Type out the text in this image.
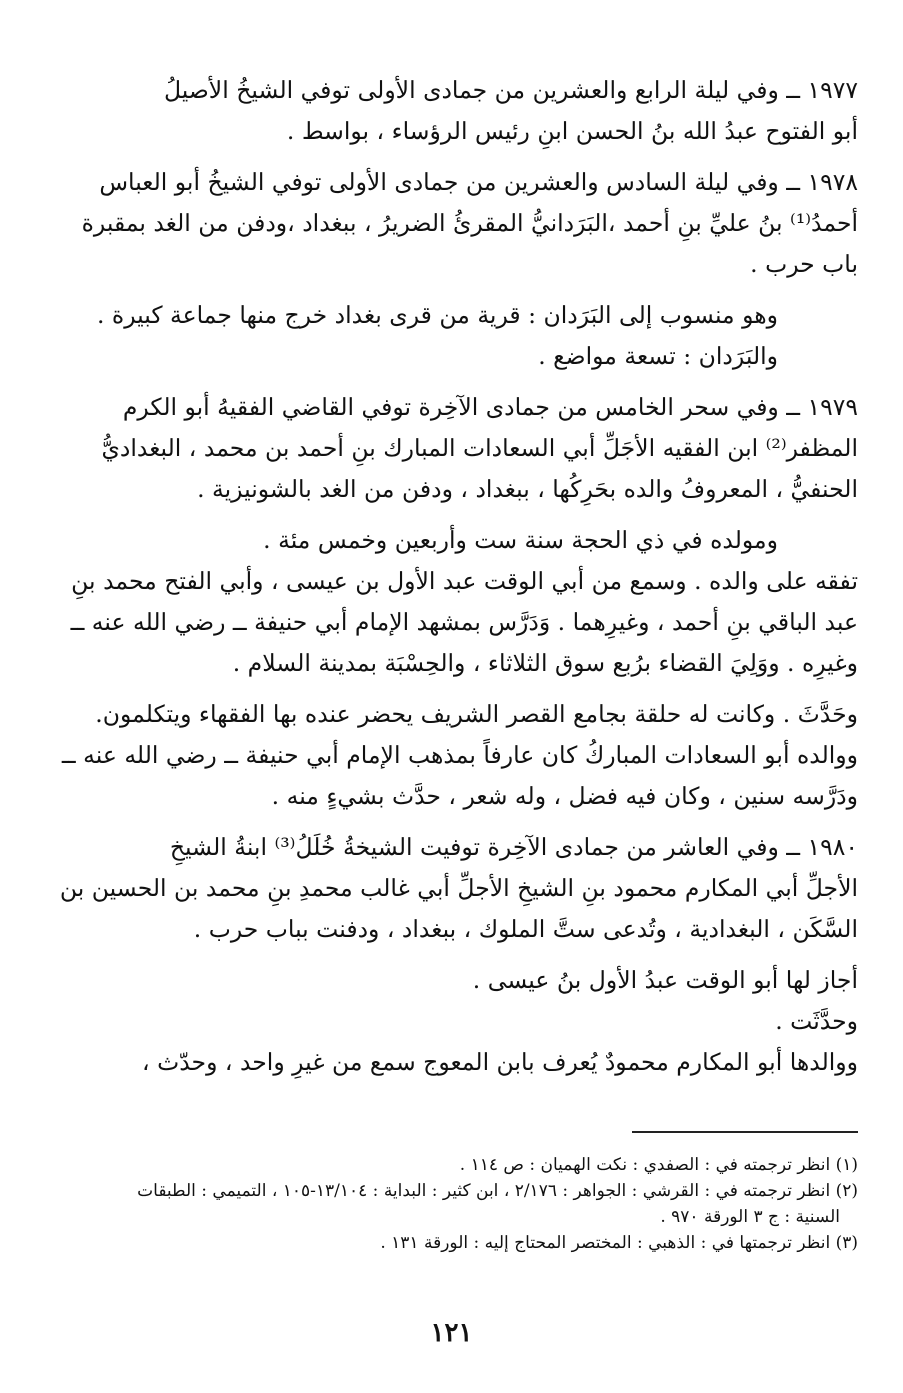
١٩٧٧ ــ وفي ليلة الرابع والعشرين من جمادى الأولى توفي الشيخُ الأصيلُ
أبو الفتوح عبدُ الله بنُ الحسن ابنِ رئيس الرؤساء ، بواسط .
١٩٧٨ ــ وفي ليلة السادس والعشرين من جمادى الأولى توفي الشيخُ أبو العباس
أحمدُ⁽¹⁾ بنُ عليِّ بنِ أحمد ،البَرَدانيُّ المقرئُ الضريرُ ، ببغداد ،ودفن من الغد بمقبرة
باب حرب .
وهو منسوب إلى البَرَدان : قرية من قرى بغداد خرج منها جماعة كبيرة .
والبَرَدان : تسعة مواضع .
١٩٧٩ ــ وفي سحر الخامس من جمادى الآخِرة توفي القاضي الفقيهُ أبو الكرم
المظفر⁽²⁾ ابن الفقيه الأجَلِّ أبي السعادات المبارك بنِ أحمد بن محمد ، البغداديُّ
الحنفيُّ ، المعروفُ والده بحَرِكُها ، ببغداد ، ودفن من الغد بالشونيزية .
ومولده في ذي الحجة سنة ست وأربعين وخمس مئة .
تفقه على والده . وسمع من أبي الوقت عبد الأول بن عيسى ، وأبي الفتح محمد بنِ
عبد الباقي بنِ أحمد ، وغيرِهما . وَدَرَّس بمشهد الإمام أبي حنيفة ــ رضي الله عنه ــ
وغيرِه . ووَلِيَ القضاء برُبع سوق الثلاثاء ، والحِسْبَة بمدينة السلام .
وحَدَّثَ . وكانت له حلقة بجامع القصر الشريف يحضر عنده بها الفقهاء ويتكلمون.
ووالده أبو السعادات المباركُ كان عارفاً بمذهب الإمام أبي حنيفة ــ رضي الله عنه ــ
ودَرَّسه سنين ، وكان فيه فضل ، وله شعر ، حدَّث بشيءٍ منه .
١٩٨٠ ــ وفي العاشر من جمادى الآخِرة توفيت الشيخةُ خُلَلُ⁽³⁾ ابنةُ الشيخِ
الأجلِّ أبي المكارم محمود بنِ الشيخِ الأجلِّ أبي غالب محمدِ بنِ محمد بن الحسين بن
السَّكَن ، البغدادية ، وتُدعى ستَّ الملوك ، ببغداد ، ودفنت بباب حرب .
أجاز لها أبو الوقت عبدُ الأول بنُ عيسى .
وحدَّثَت .
ووالدها أبو المكارم محمودٌ يُعرف بابن المعوج سمع من غيرِ واحد ، وحدّث ،
(١) انظر ترجمته في : الصفدي : نكت الهميان : ص ١١٤ .
(٢) انظر ترجمته في : القرشي : الجواهر : ٢/١٧٦ ، ابن كثير : البداية : ١٣/١٠٤-١٠٥ ، التميمي : الطبقات
السنية : ج ٣ الورقة ٩٧٠ .
(٣) انظر ترجمتها في : الذهبي : المختصر المحتاج إليه : الورقة ١٣١ .
١٢١
